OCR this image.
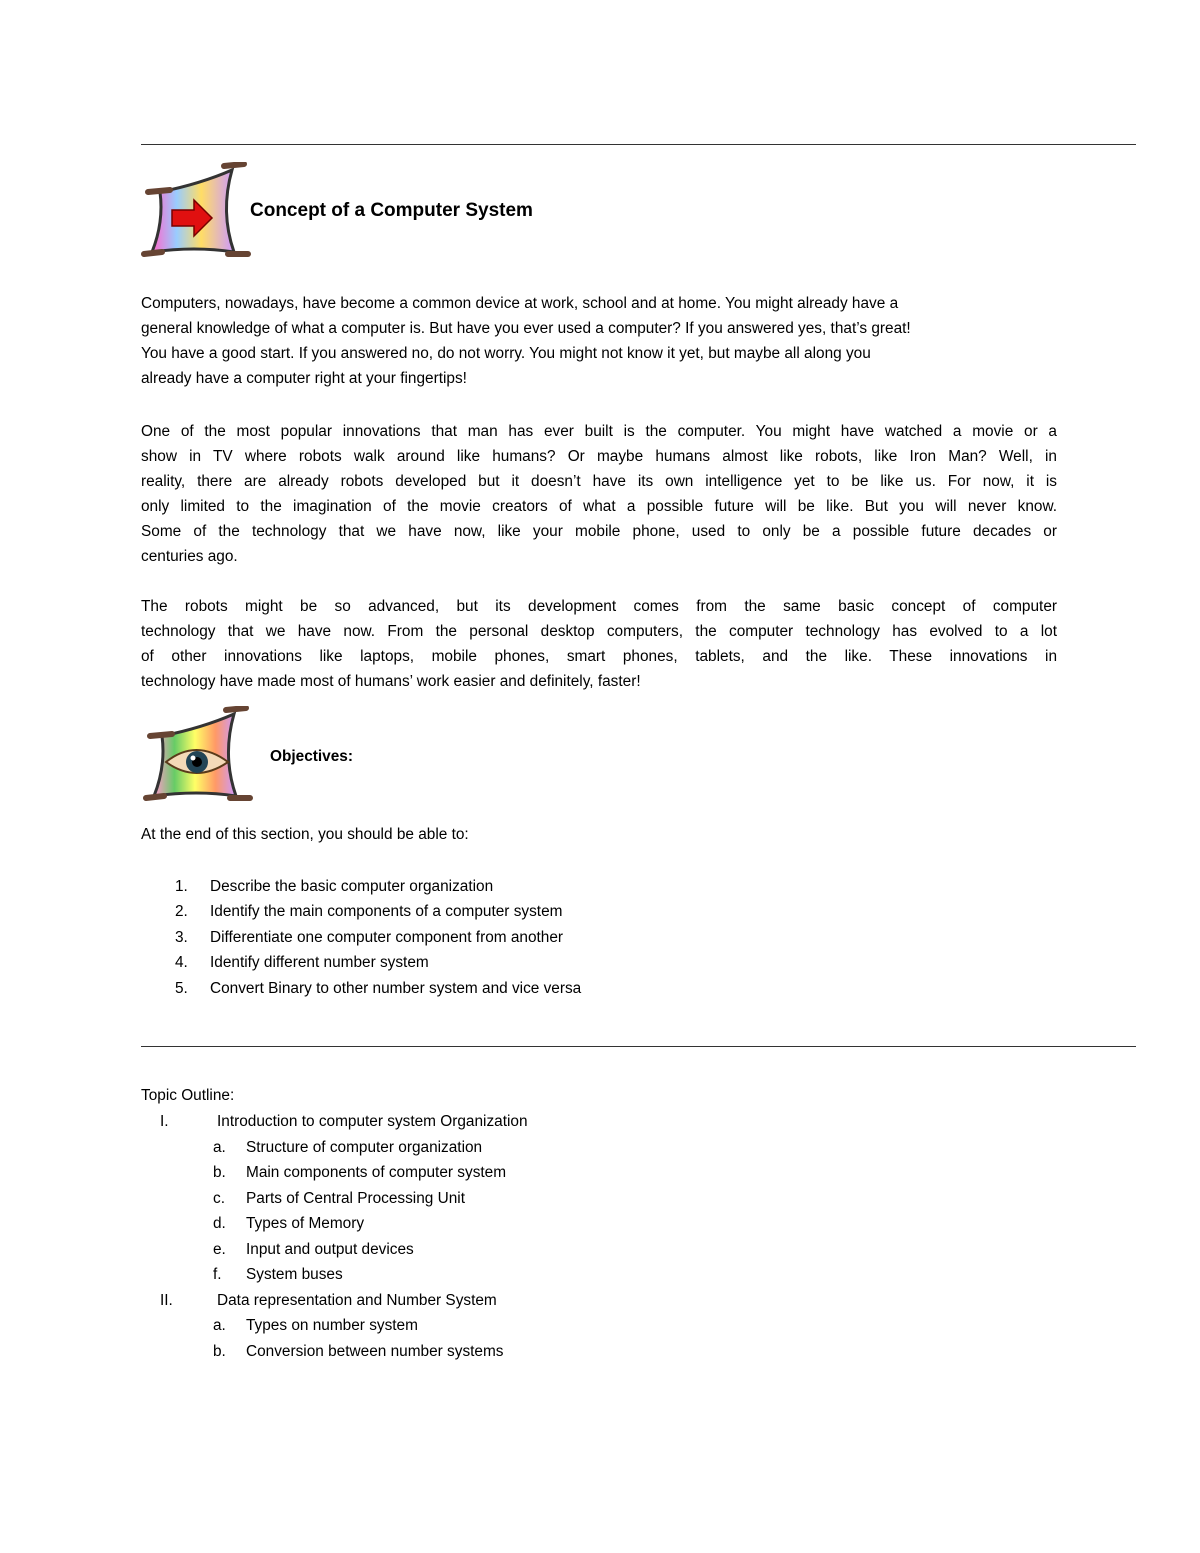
Concept of a Computer System
Computers, nowadays, have become a common device at work, school and at home. You might already have a
general knowledge of what a computer is. But have you ever used a computer? If you answered yes, that’s great!
You have a good start. If you answered no, do not worry. You might not know it yet, but maybe all along you
already have a computer right at your fingertips!
One of the most popular innovations that man has ever built is the computer. You might have watched a movie or a
show in TV where robots walk around like humans? Or maybe humans almost like robots, like Iron Man? Well, in
reality, there are already robots developed but it doesn’t have its own intelligence yet to be like us. For now, it is
only limited to the imagination of the movie creators of what a possible future will be like. But you will never know.
Some of the technology that we have now, like your mobile phone, used to only be a possible future decades or
centuries ago.
The robots might be so advanced, but its development comes from the same basic concept of computer
technology that we have now. From the personal desktop computers, the computer technology has evolved to a lot
of other innovations like laptops, mobile phones, smart phones, tablets, and the like. These innovations in
technology have made most of humans’ work easier and definitely, faster!
Objectives:
At the end of this section, you should be able to:
1. Describe the basic computer organization
2. Identify the main components of a computer system
3. Differentiate one computer component from another
4. Identify different number system
5. Convert Binary to other number system and vice versa
Topic Outline:
I.	Introduction to computer system Organization
a. Structure of computer organization
b. Main components of computer system
c. Parts of Central Processing Unit
d. Types of Memory
e. Input and output devices
f. System buses
II.	Data representation and Number System
a. Types on number system
b. Conversion between number systems
